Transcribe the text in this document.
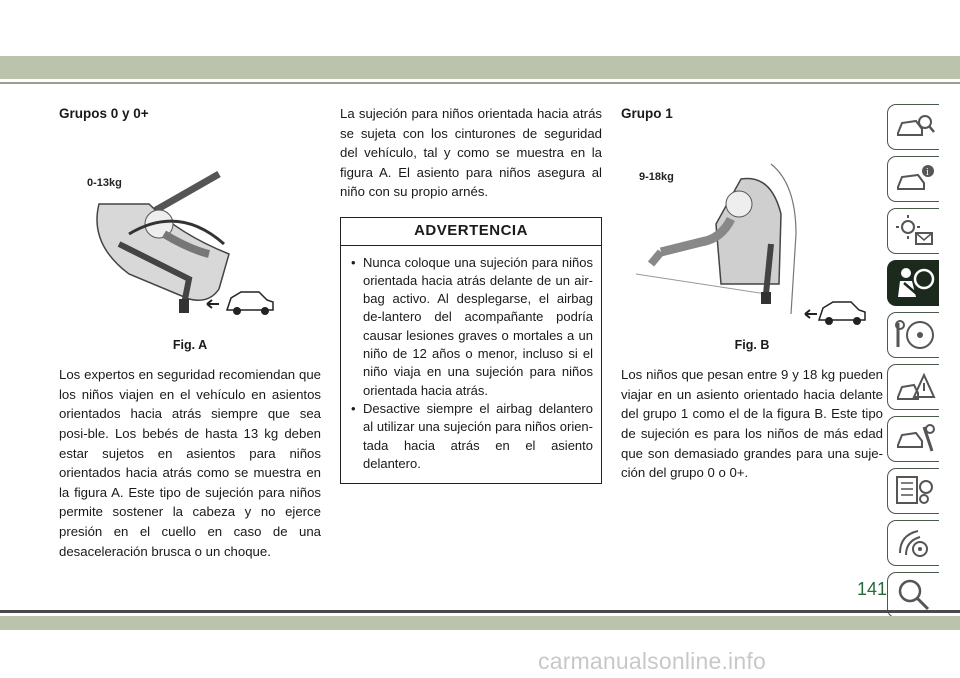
Grupos 0 y 0+
0-13kg
Fig. A

Los expertos en seguridad recomiendan que los niños viajen en el vehículo en asientos orientados hacia atrás siempre que sea posi-ble. Los bebés de hasta 13 kg deben estar sujetos en asientos para niños orientados hacia atrás como se muestra en la figura A. Este tipo de sujeción para niños permite sostener la cabeza y no ejerce presión en el cuello en caso de una desaceleración brusca o un choque.

La sujeción para niños orientada hacia atrás se sujeta con los cinturones de seguridad del vehículo, tal y como se muestra en la figura A. El asiento para niños asegura al niño con su propio arnés.
ADVERTENCIA
• Nunca coloque una sujeción para niños orientada hacia atrás delante de un air-bag activo. Al desplegarse, el airbag de-lantero del acompañante podría causar lesiones graves o mortales a un niño de 12 años o menor, incluso si el niño viaja en una sujeción para niños orientada hacia atrás.
• Desactive siempre el airbag delantero al utilizar una sujeción para niños orien-tada hacia atrás en el asiento delantero.
Grupo 1
9-18kg
Fig. B

Los niños que pesan entre 9 y 18 kg pueden viajar en un asiento orientado hacia delante del grupo 1 como el de la figura B. Este tipo de sujeción es para los niños de más edad que son demasiado grandes para una suje-ción del grupo 0 o 0+.

i
141
carmanualsonline.info
